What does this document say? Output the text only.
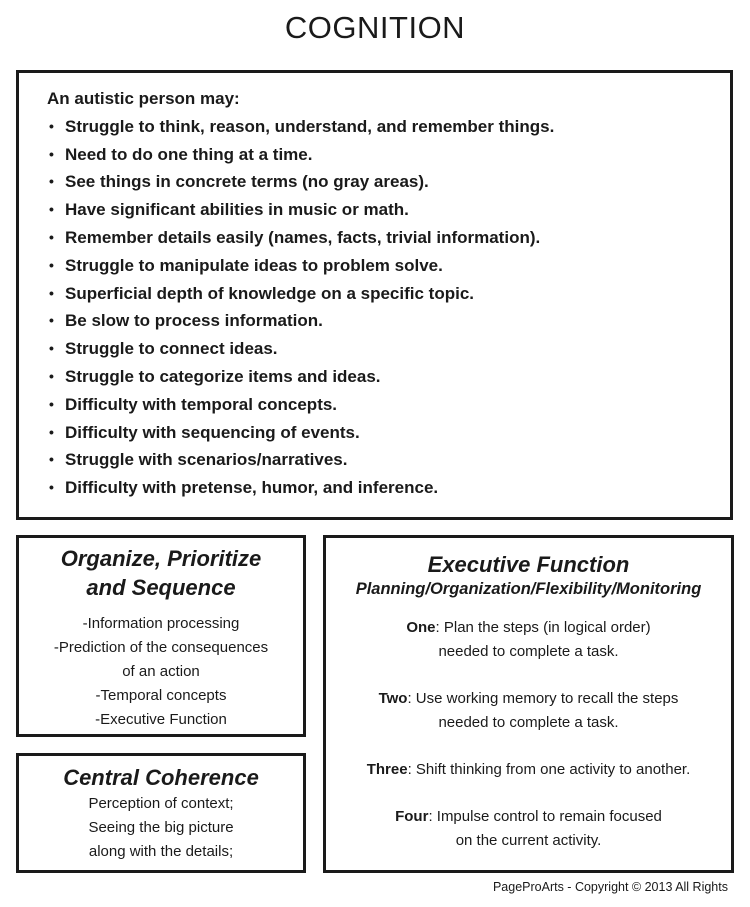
COGNITION
An autistic person may:
• Struggle to think, reason, understand, and remember things.
• Need to do one thing at a time.
• See things in concrete terms (no gray areas).
• Have significant abilities in music or math.
• Remember details easily (names, facts, trivial information).
• Struggle to manipulate ideas to problem solve.
• Superficial depth of knowledge on a specific topic.
• Be slow to process information.
• Struggle to connect ideas.
• Struggle to categorize items and ideas.
• Difficulty with temporal concepts.
• Difficulty with sequencing of events.
• Struggle with scenarios/narratives.
• Difficulty with pretense, humor, and inference.
Organize, Prioritize
and Sequence
-Information processing
-Prediction of the consequences
of an action
-Temporal concepts
-Executive Function
Central Coherence
Perception of context;
Seeing the big picture
along with the details;
Executive Function
Planning/Organization/Flexibility/Monitoring
One: Plan the steps (in logical order)
needed to complete a task.
Two: Use working memory to recall the steps
needed to complete a task.
Three: Shift thinking from one activity to another.
Four: Impulse control to remain focused
on the current activity.
PageProArts - Copyright © 2013 All Rights
